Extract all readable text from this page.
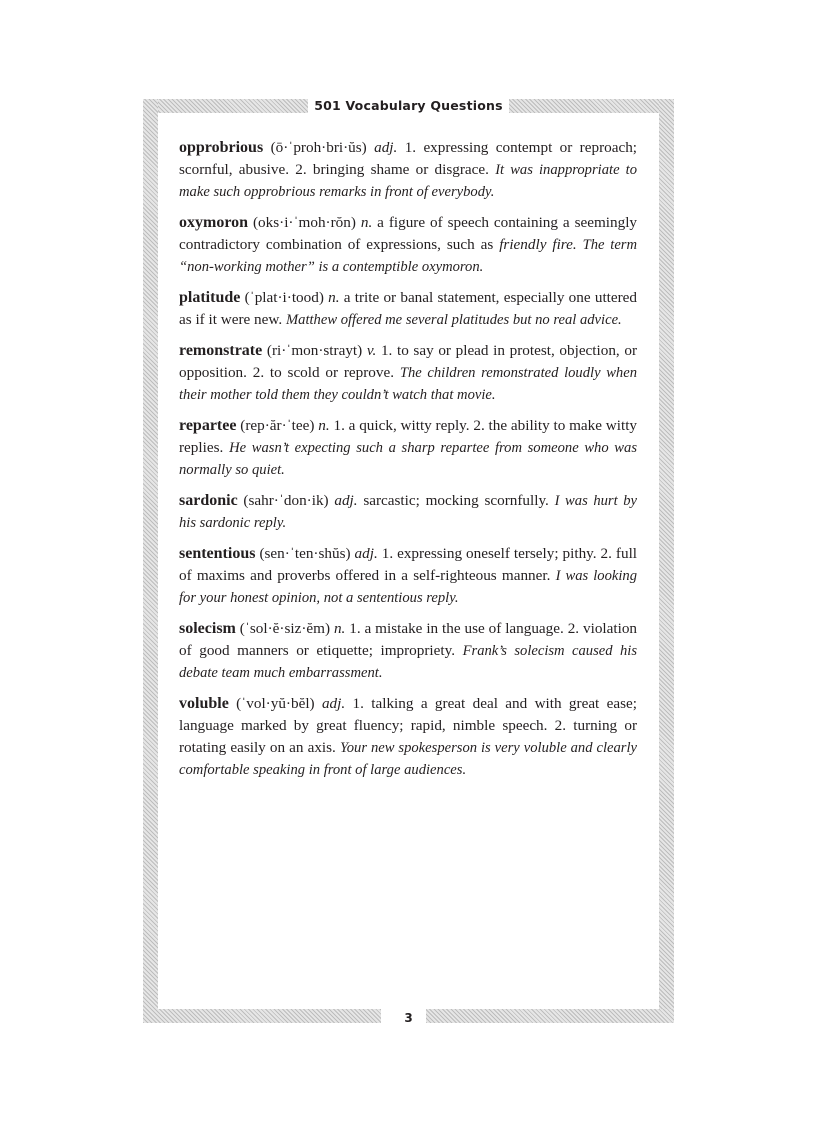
501 Vocabulary Questions

opprobrious (ō·ˈproh·bri·ŭs) adj. 1. expressing contempt or reproach; scornful, abusive. 2. bringing shame or disgrace. It was inappropriate to make such opprobrious remarks in front of everybody.

oxymoron (oks·i·ˈmoh·rŏn) n. a figure of speech containing a seemingly contradictory combination of expressions, such as friendly fire. The term “non-working mother” is a contemptible oxymoron.

platitude (ˈplat·i·tood) n. a trite or banal statement, especially one uttered as if it were new. Matthew offered me several platitudes but no real advice.

remonstrate (ri·ˈmon·strayt) v. 1. to say or plead in protest, objection, or opposition. 2. to scold or reprove. The children remonstrated loudly when their mother told them they couldn’t watch that movie.

repartee (rep·ăr·ˈtee) n. 1. a quick, witty reply. 2. the ability to make witty replies. He wasn’t expecting such a sharp repartee from someone who was normally so quiet.

sardonic (sahr·ˈdon·ik) adj. sarcastic; mocking scornfully. I was hurt by his sardonic reply.

sententious (sen·ˈten·shŭs) adj. 1. expressing oneself tersely; pithy. 2. full of maxims and proverbs offered in a self-righteous manner. I was looking for your honest opinion, not a sententious reply.

solecism (ˈsol·ĕ·siz·ĕm) n. 1. a mistake in the use of language. 2. violation of good manners or etiquette; impropriety. Frank’s solecism caused his debate team much embarrassment.

voluble (ˈvol·yŭ·bĕl) adj. 1. talking a great deal and with great ease; language marked by great fluency; rapid, nimble speech. 2. turning or rotating easily on an axis. Your new spokesperson is very voluble and clearly comfortable speaking in front of large audiences.

3
